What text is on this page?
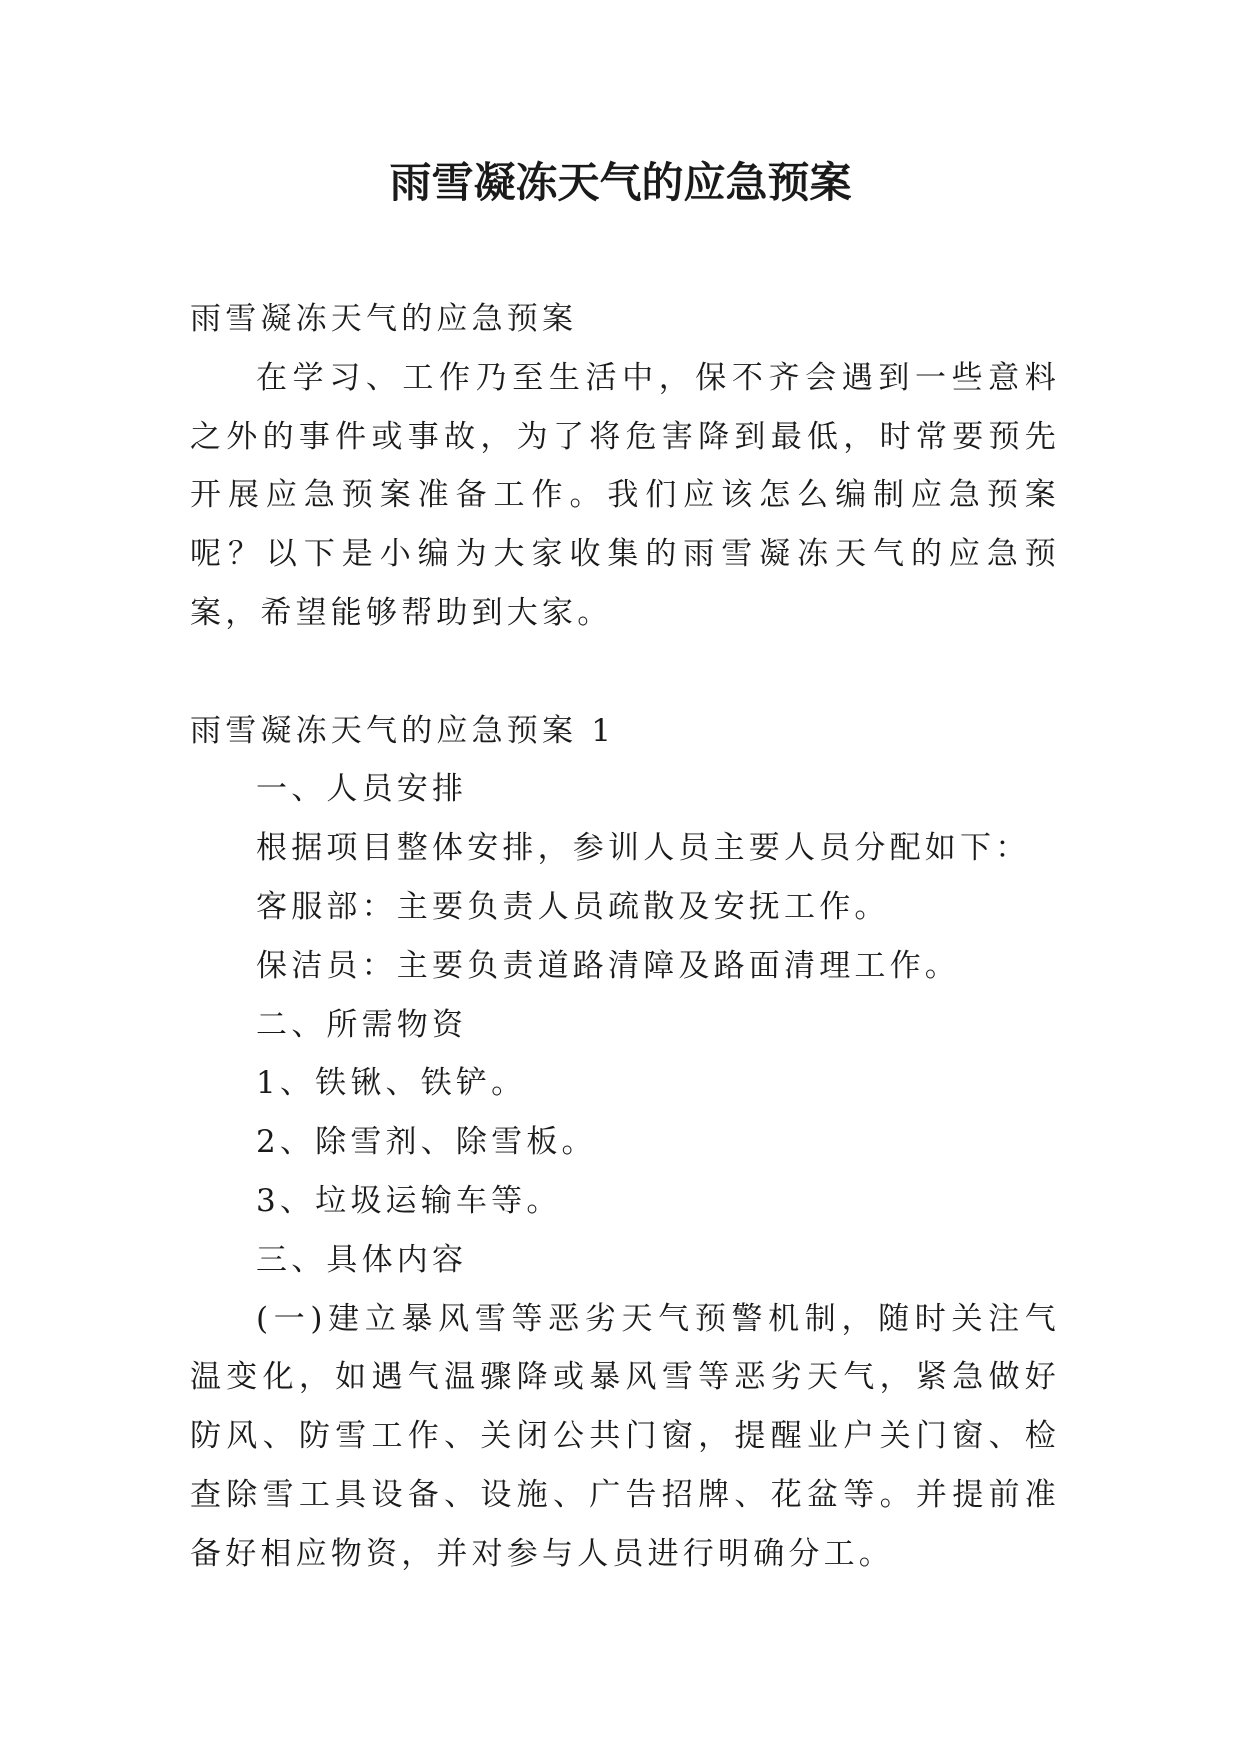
雨雪凝冻天气的应急预案

雨雪凝冻天气的应急预案

在学习、工作乃至生活中，保不齐会遇到一些意料之外的事件或事故，为了将危害降到最低，时常要预先开展应急预案准备工作。我们应该怎么编制应急预案呢？以下是小编为大家收集的雨雪凝冻天气的应急预案，希望能够帮助到大家。

雨雪凝冻天气的应急预案 1

一、人员安排

根据项目整体安排，参训人员主要人员分配如下：

客服部：主要负责人员疏散及安抚工作。

保洁员：主要负责道路清障及路面清理工作。

二、所需物资

1、铁锹、铁铲。

2、除雪剂、除雪板。

3、垃圾运输车等。

三、具体内容

(一)建立暴风雪等恶劣天气预警机制，随时关注气温变化，如遇气温骤降或暴风雪等恶劣天气，紧急做好防风、防雪工作、关闭公共门窗，提醒业户关门窗、检查除雪工具设备、设施、广告招牌、花盆等。并提前准备好相应物资，并对参与人员进行明确分工。
